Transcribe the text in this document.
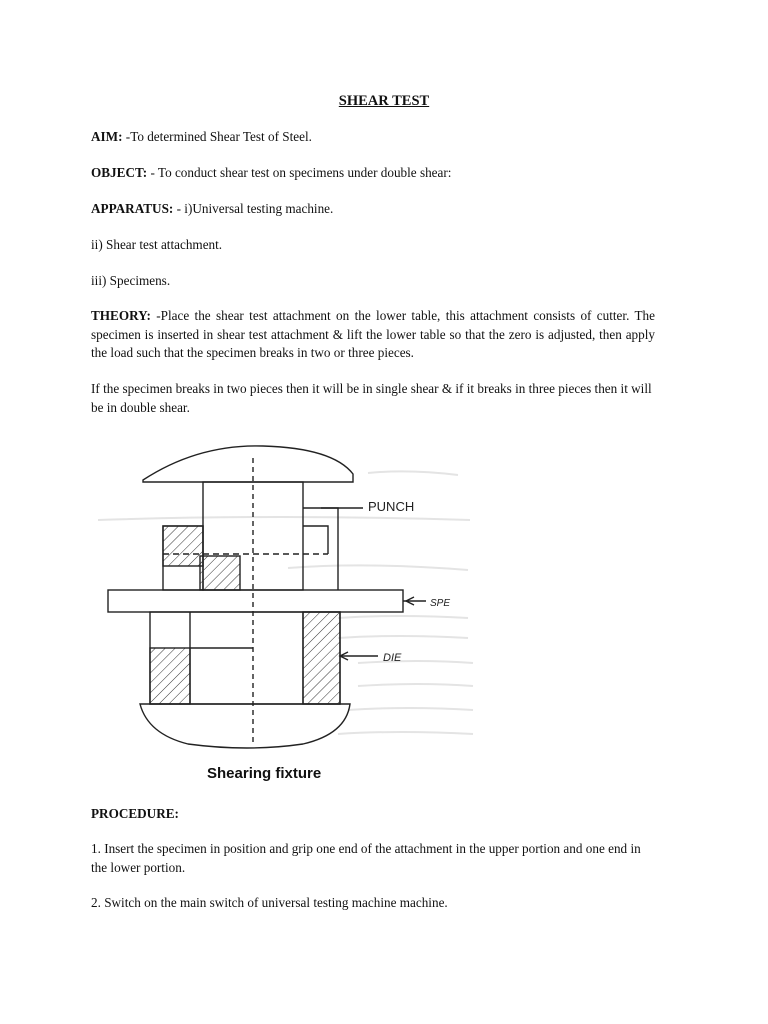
SHEAR TEST
AIM: -To determined Shear Test of Steel.
OBJECT: - To conduct shear test on specimens under double shear:
APPARATUS: - i)Universal testing machine.
ii) Shear test attachment.
iii) Specimens.
THEORY: -Place the shear test attachment on the lower table, this attachment consists of cutter. The specimen is inserted in shear test attachment & lift the lower table so that the zero is adjusted, then apply the load such that the specimen breaks in two or three pieces.
If the specimen breaks in two pieces then it will be in single shear & if it breaks in three pieces then it will be in double shear.
PUNCH
SPE
DIE
Shearing fixture
PROCEDURE:
1. Insert the specimen in position and grip one end of the attachment in the upper portion and one end in the lower portion.
2. Switch on the main switch of universal testing machine machine.
